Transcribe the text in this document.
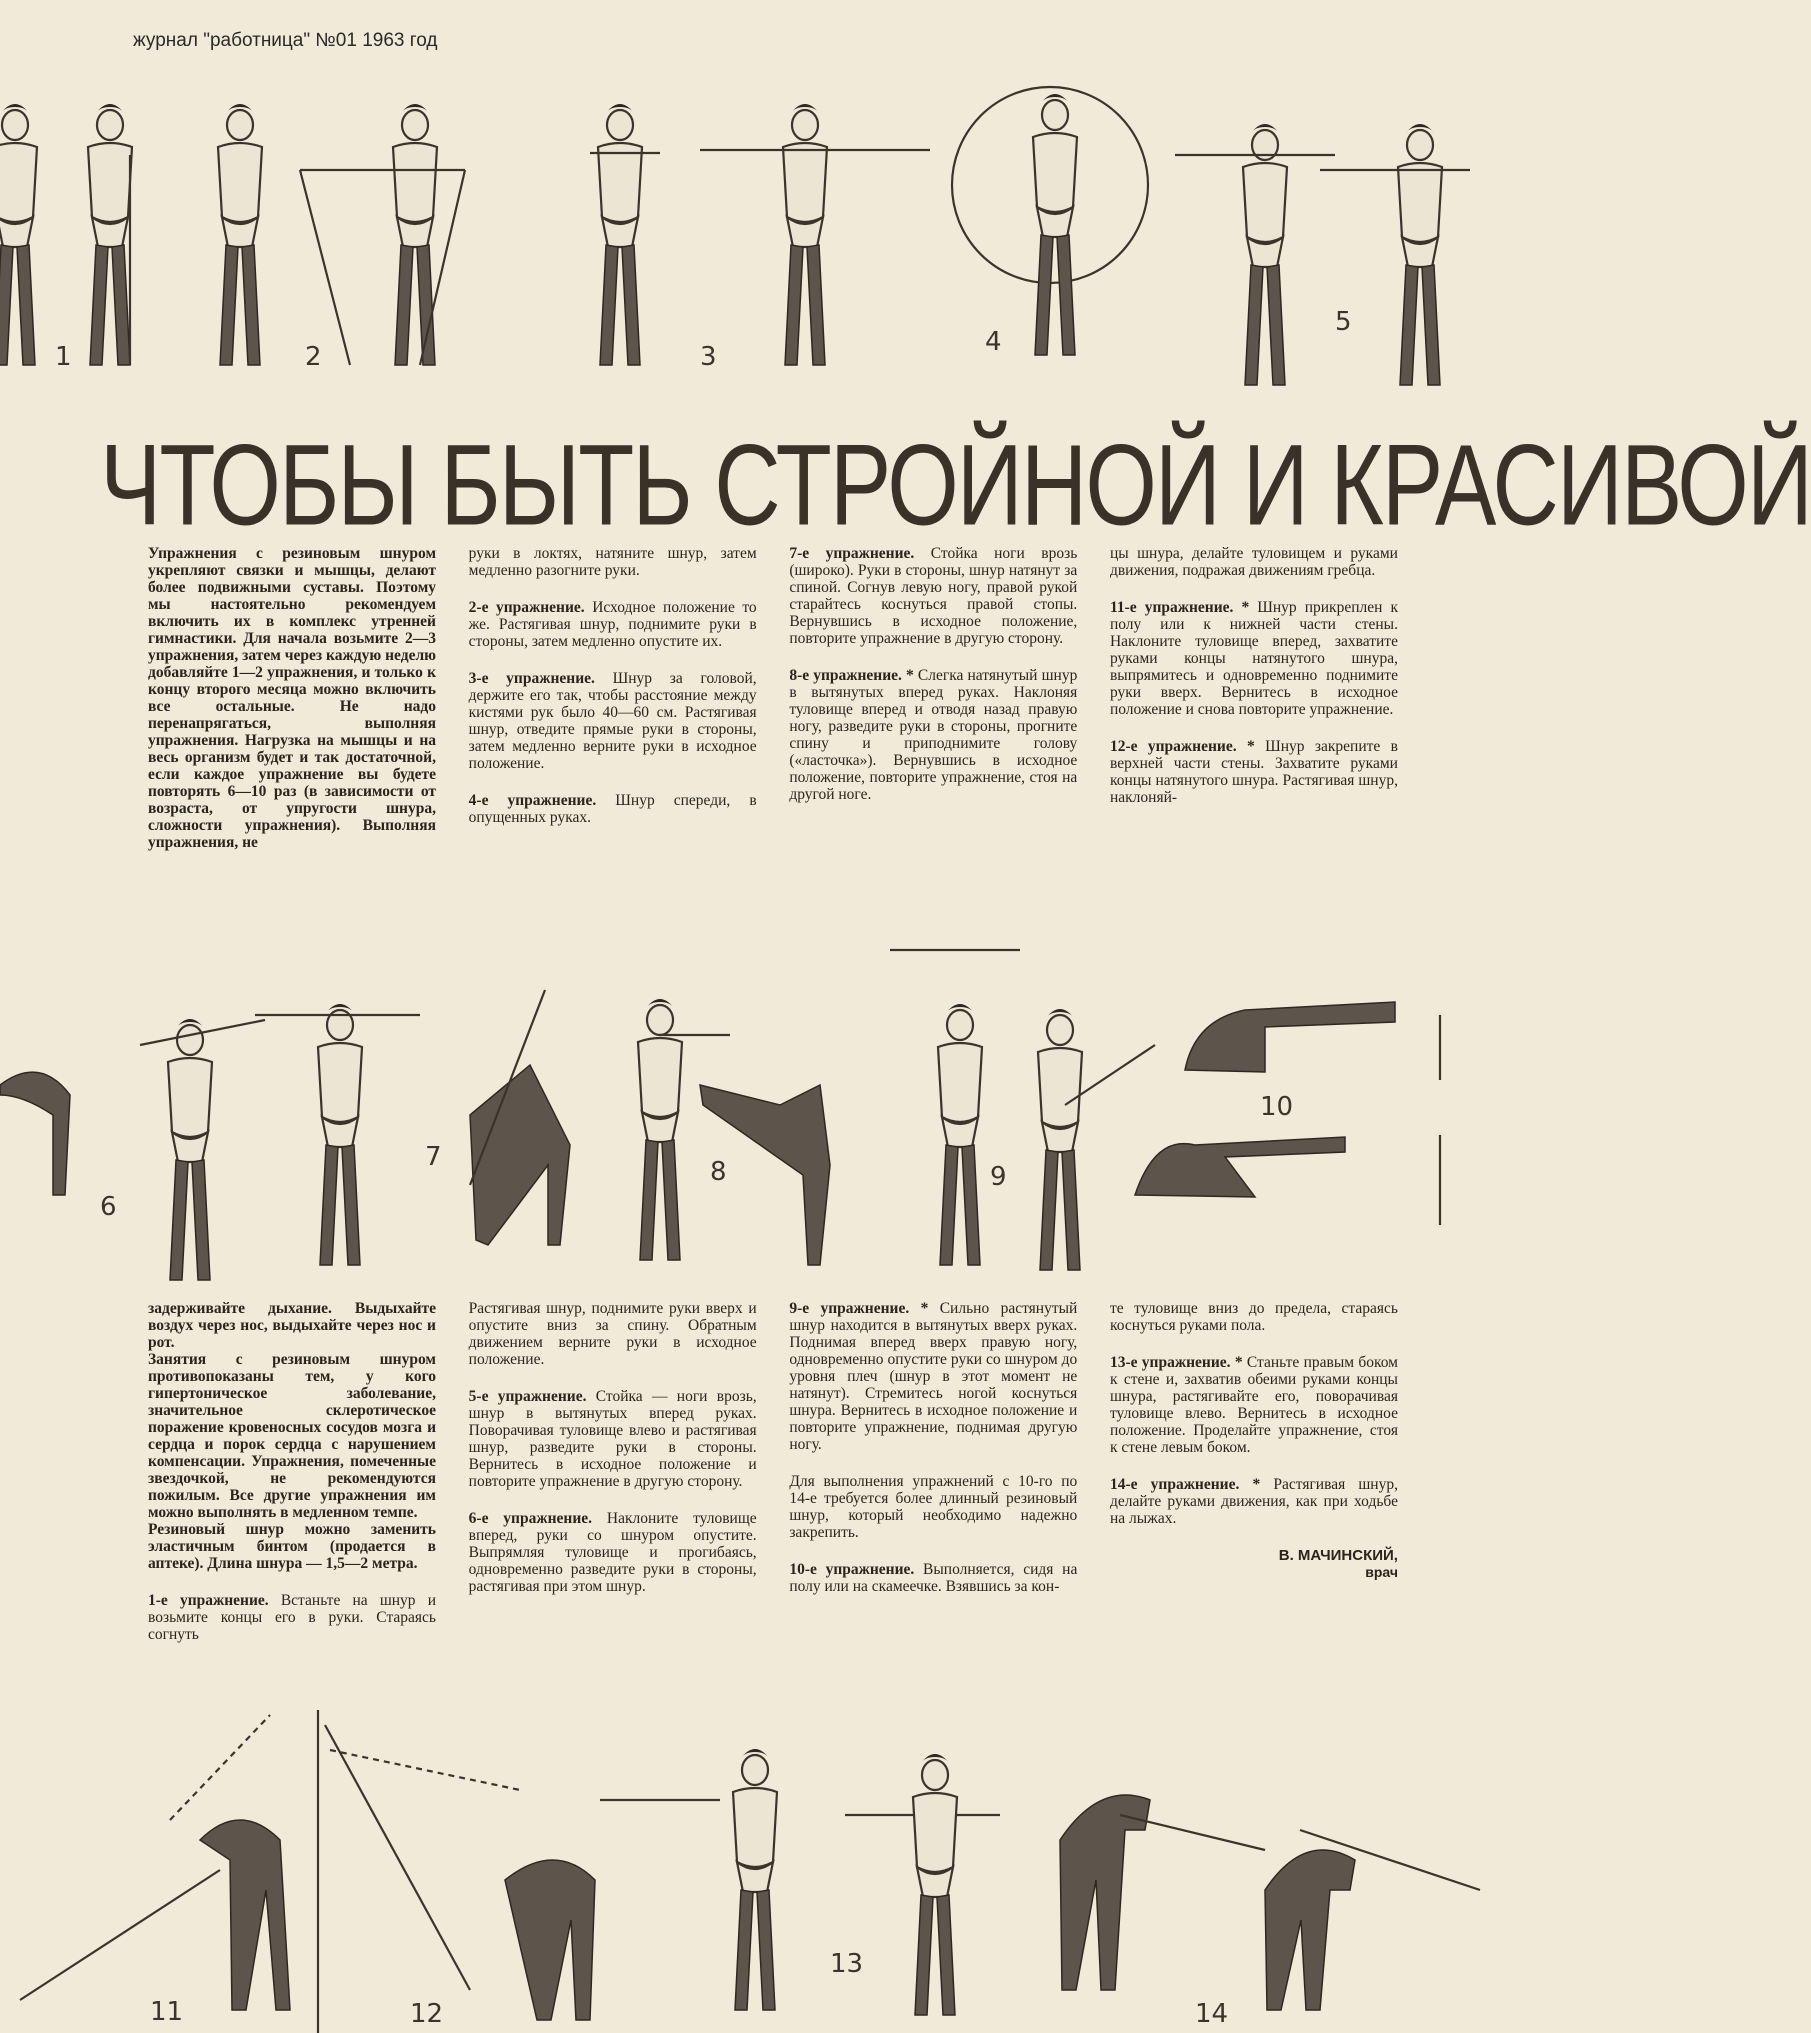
журнал "работница" №01 1963 год
1	2	3	4
5
ЧТОБЫ БЫТЬ СТРОЙНОЙ И КРАСИВОЙ

Упражнения с резиновым шнуром укрепляют связки и мышцы, делают более подвижными суставы. Поэтому мы настоятельно рекомендуем включить их в комплекс утренней гимнастики. Для начала возьмите 2—3 упражнения, затем через каждую неделю добавляйте 1—2 упражнения, и только к концу второго месяца можно включить все остальные. Не надо перенапрягаться, выполняя упражнения. Нагрузка на мышцы и на весь организм будет и так достаточной, если каждое упражнение вы будете повторять 6—10 раз (в зависимости от возраста, от упругости шнура, сложности упражнения). Выполняя упражнения, не

руки в локтях, натяните шнур, затем медленно разогните руки.

2-е упражнение. Исходное положение то же. Растягивая шнур, поднимите руки в стороны, затем медленно опустите их.

3-е упражнение. Шнур за головой, держите его так, чтобы расстояние между кистями рук было 40—60 см. Растягивая шнур, отведите прямые руки в стороны, затем медленно верните руки в исходное положение.

4-е упражнение. Шнур спереди, в опущенных руках.

7-е упражнение. Стойка ноги врозь (широко). Руки в стороны, шнур натянут за спиной. Согнув левую ногу, правой рукой старайтесь коснуться правой стопы. Вернувшись в исходное положение, повторите упражнение в другую сторону.

8-е упражнение. * Слегка натянутый шнур в вытянутых вперед руках. Наклоняя туловище вперед и отводя назад правую ногу, разведите руки в стороны, прогните спину и приподнимите голову («ласточка»). Вернувшись в исходное положение, повторите упражнение, стоя на другой ноге.

цы шнура, делайте туловищем и руками движения, подражая движениям гребца.

11-е упражнение. * Шнур прикреплен к полу или к нижней части стены. Наклоните туловище вперед, захватите руками концы натянутого шнура, выпрямитесь и одновременно поднимите руки вверх. Вернитесь в исходное положение и снова повторите упражнение.

12-е упражнение. * Шнур закрепите в верхней части стены. Захватите руками концы натянутого шнура. Растягивая шнур, наклоняй-

6
7	8	9
10

задерживайте дыхание. Выдыхайте воздух через нос, выдыхайте через нос и рот.

Занятия с резиновым шнуром противопоказаны тем, у кого гипертоническое заболевание, значительное склеротическое поражение кровеносных сосудов мозга и сердца и порок сердца с нарушением компенсации. Упражнения, помеченные звездочкой, не рекомендуются пожилым. Все другие упражнения им можно выполнять в медленном темпе.

Резиновый шнур можно заменить эластичным бинтом (продается в аптеке). Длина шнура — 1,5—2 метра.

1-е упражнение. Встаньте на шнур и возьмите концы его в руки. Стараясь согнуть

Растягивая шнур, поднимите руки вверх и опустите вниз за спину. Обратным движением верните руки в исходное положение.

5-е упражнение. Стойка — ноги врозь, шнур в вытянутых вперед руках. Поворачивая туловище влево и растягивая шнур, разведите руки в стороны. Вернитесь в исходное положение и повторите упражнение в другую сторону.

6-е упражнение. Наклоните туловище вперед, руки со шнуром опустите. Выпрямляя туловище и прогибаясь, одновременно разведите руки в стороны, растягивая при этом шнур.

9-е упражнение. * Сильно растянутый шнур находится в вытянутых вверх руках. Поднимая вперед вверх правую ногу, одновременно опустите руки со шнуром до уровня плеч (шнур в этот момент не натянут). Стремитесь ногой коснуться шнура. Вернитесь в исходное положение и повторите упражнение, поднимая другую ногу.

Для выполнения упражнений с 10-го по 14-е требуется более длинный резиновый шнур, который необходимо надежно закрепить.

10-е упражнение. Выполняется, сидя на полу или на скамеечке. Взявшись за кон-

те туловище вниз до предела, стараясь коснуться руками пола.

13-е упражнение. * Станьте правым боком к стене и, захватив обеими руками концы шнура, растягивайте его, поворачивая туловище влево. Вернитесь в исходное положение. Проделайте упражнение, стоя к стене левым боком.

14-е упражнение. * Растягивая шнур, делайте руками движения, как при ходьбе на лыжах.

В. МАЧИНСКИЙ,
врач
11	12
13
14
